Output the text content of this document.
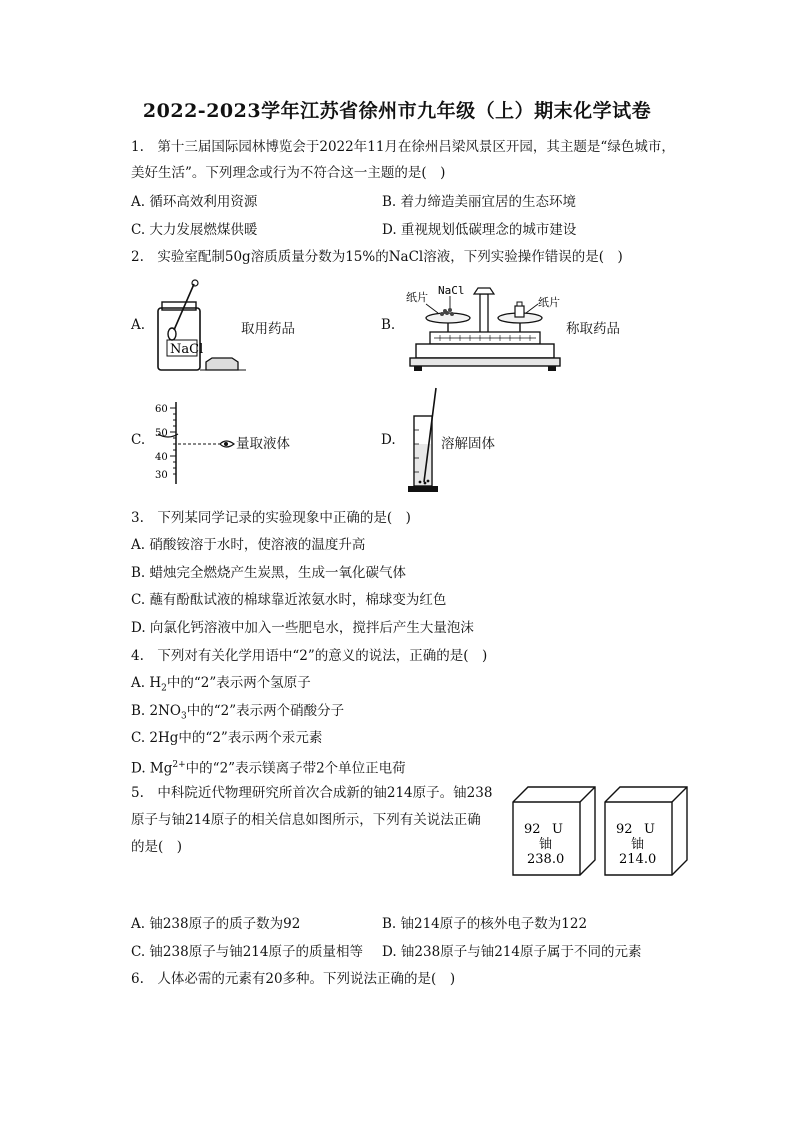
2022-2023学年江苏省徐州市九年级（上）期末化学试卷
1.　第十三届国际园林博览会于2022年11月在徐州吕梁风景区开园，其主题是“绿色城市，
美好生活”。下列理念或行为不符合这一主题的是(　)
A. 循环高效利用资源	B. 着力缔造美丽宜居的生态环境
C. 大力发展燃煤供暖	D. 重视规划低碳理念的城市建设
2.　实验室配制50g溶质质量分数为15%的NaCl溶液，下列实验操作错误的是(　)
A.
NaCl
取用药品	B.
纸片
NaCl
纸片
称取药品
C.
60
50
40
30
量取液体	D.	溶解固体
3.　下列某同学记录的实验现象中正确的是(　)
A. 硝酸铵溶于水时，使溶液的温度升高
B. 蜡烛完全燃烧产生炭黑，生成一氧化碳气体
C. 蘸有酚酞试液的棉球靠近浓氨水时，棉球变为红色
D. 向氯化钙溶液中加入一些肥皂水，搅拌后产生大量泡沫
4.　下列对有关化学用语中“2”的意义的说法，正确的是(　)
A. $H_2$中的“2”表示两个氢原子
B. $2NO_3$中的“2”表示两个硝酸分子
C. 2Hg中的“2”表示两个汞元素
D. $Mg^{2+}$中的“2”表示镁离子带2个单位正电荷
5.　中科院近代物理研究所首次合成新的铀214原子。铀238
原子与铀214原子的相关信息如图所示，下列有关说法正确
的是(　)
92 U
铀
238.0
92 U
铀
214.0
A. 铀238原子的质子数为92	B. 铀214原子的核外电子数为122
C. 铀238原子与铀214原子的质量相等 D. 铀238原子与铀214原子属于不同的元素
6.　人体必需的元素有20多种。下列说法正确的是(　)
